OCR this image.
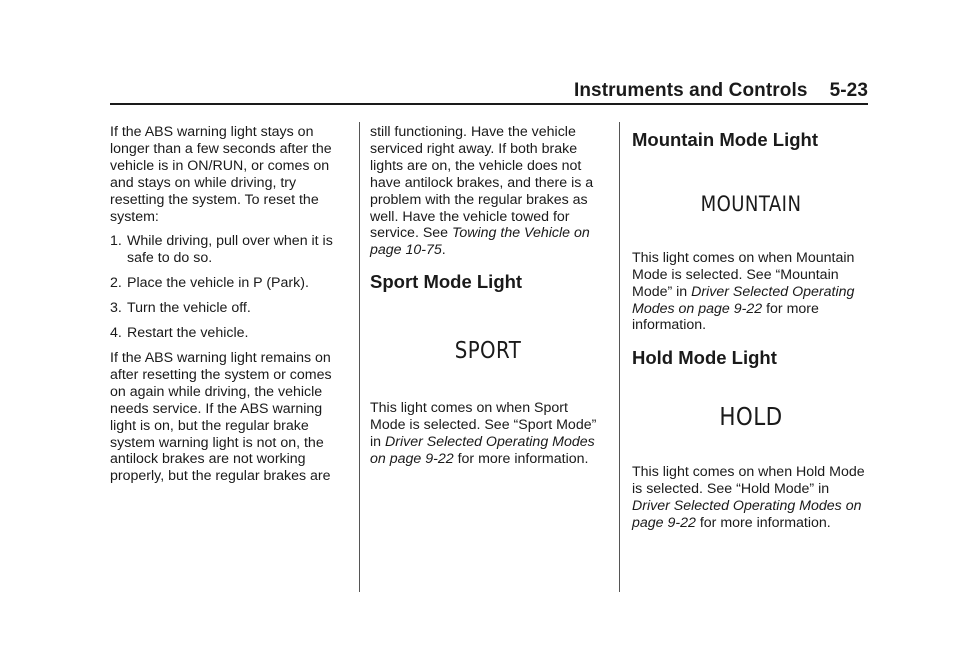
Instruments and Controls 5-23

If the ABS warning light stays on longer than a few seconds after the vehicle is in ON/RUN, or comes on and stays on while driving, try resetting the system. To reset the system:

1. While driving, pull over when it is safe to do so.
2. Place the vehicle in P (Park).
3. Turn the vehicle off.
4. Restart the vehicle.

If the ABS warning light remains on after resetting the system or comes on again while driving, the vehicle needs service. If the ABS warning light is on, but the regular brake system warning light is not on, the antilock brakes are not working properly, but the regular brakes are

still functioning. Have the vehicle serviced right away. If both brake lights are on, the vehicle does not have antilock brakes, and there is a problem with the regular brakes as well. Have the vehicle towed for service. See Towing the Vehicle on page 10-75.

Sport Mode Light
SPORT

This light comes on when Sport Mode is selected. See “Sport Mode” in Driver Selected Operating Modes on page 9-22 for more information.

Mountain Mode Light
MOUNTAIN

This light comes on when Mountain Mode is selected. See “Mountain Mode” in Driver Selected Operating Modes on page 9-22 for more information.

Hold Mode Light
HOLD

This light comes on when Hold Mode is selected. See “Hold Mode” in Driver Selected Operating Modes on page 9-22 for more information.
